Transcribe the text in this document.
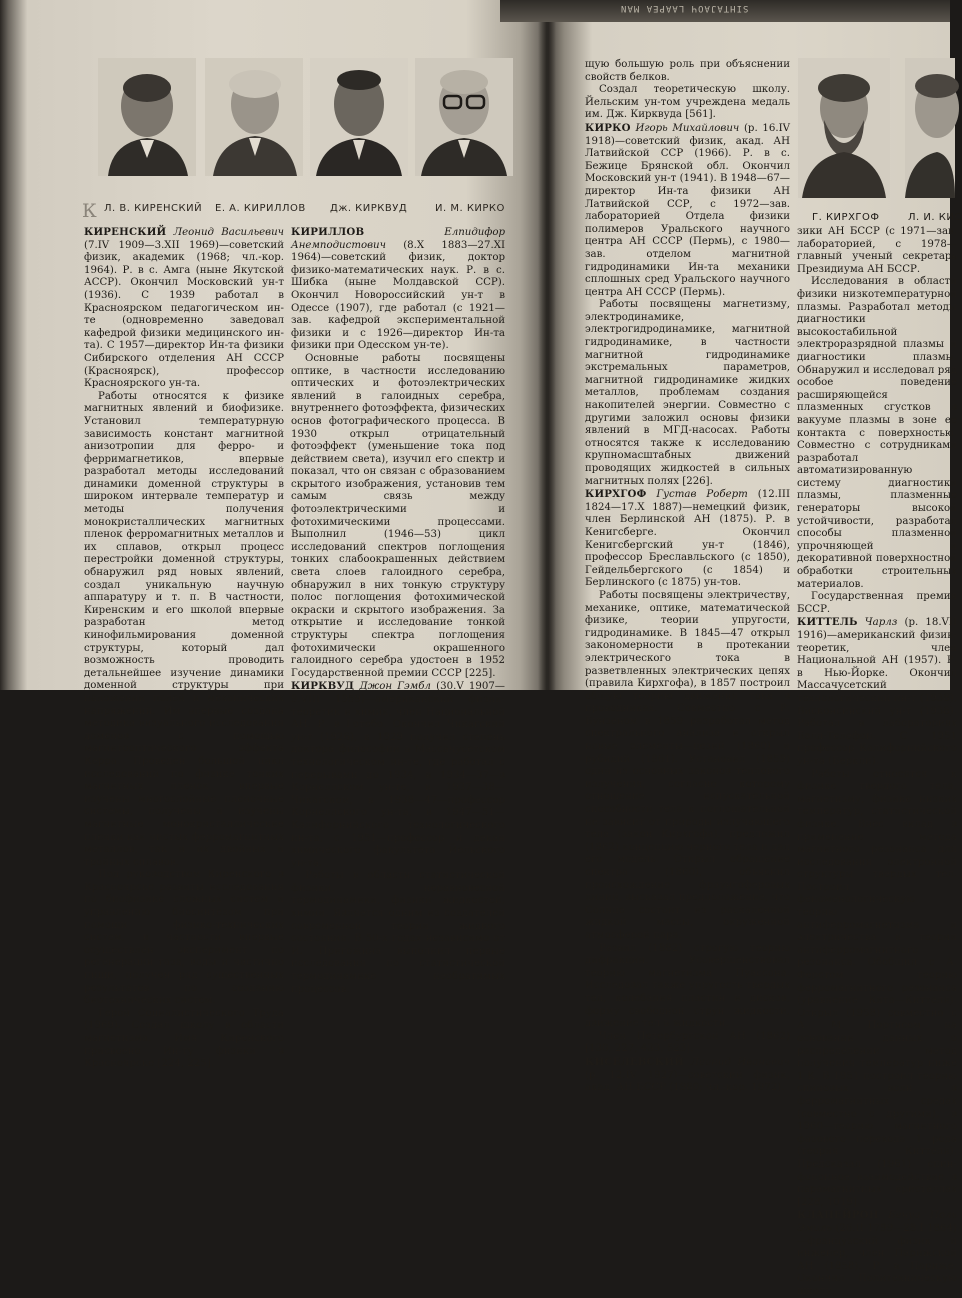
SIHTAJAOЧ LAAPEA MAN
Л. В. КИРЕНСКИЙ Е. А. КИРИЛЛОВ Дж. КИРКВУД	И. М. КИРКО
К

КИРЕНСКИЙ Леонид Васильевич (7.IV 1909—3.XII 1969)—советский физик, академик (1968; чл.-кор. 1964). Р. в с. Амга (ныне Якутской АССР). Окончил Московский ун-т (1936). С 1939 работал в Красноярском педагогическом ин-те (одновременно заведовал кафедрой физики медицинского ин-та). С 1957—директор Ин-та физики Сибирского отделения АН СССР (Красноярск), профессор Красноярского ун-та.

Работы относятся к физике магнитных явлений и биофизике. Установил температурную зависимость констант магнитной анизотропии для ферро- и ферримагнетиков, впервые разработал методы исследований динамики доменной структуры в широком интервале температур и методы получения монокристаллических магнитных пленок ферромагнитных металлов и их сплавов, открыл процесс перестройки доменной структуры, обнаружил ряд новых явлений, создал уникальную научную аппаратуру и т. п. В частности, Киренским и его школой впервые разработан метод кинофильмирования доменной структуры, который дал возможность проводить детальнейшее изучение динамики доменной структуры при наложении полей и механических напряжений. Им впервые создана методика визуального исследования доменов с помощью магнитооптического эффекта Керра. Проведен большой цикл исследований по физике тонких магнитных пленок, впервые изучены многослойные пленочные системы, получены и изучены магнитные монокристаллические пленки как чистых ферромагнитных металлов, так и их двойных и тройных сплавов.

Под руководством Киренского в Красноярске развиты исследования по биофизике сложных систем и управлению биосинтезом при помощи физико-технических систем, в частности впервые осуществлен эксперимент по регенерации газа, воды и частично пищи, получен ряд существенных результатов по созданию биотехнических систем.

Герой Социалистического Труда (1969). Создал школу в области магнетизма. Имя Киренского присвоено Ин-ту физики в Красноярске [224, 225].

КИРИЛЛОВ	Елпидифор Анемподистович (8.Х 1883—27.XI 1964)—советский физик, доктор физико-математических наук. Р. в с. Шибка (ныне Молдавской ССР). Окончил Новороссийский ун-т в Одессе (1907), где работал (с 1921—зав. кафедрой экспериментальной физики и с 1926—директор Ин-та физики при Одесском ун-те).

Основные работы посвящены оптике, в частности исследованию оптических и фотоэлектрических явлений в галоидных серебра, внутреннего фотоэффекта, физических основ фотографического процесса. В 1930 открыл отрицательный фотоэффект (уменьшение тока под действием света), изучил его спектр и показал, что он связан с образованием скрытого изображения, установив тем самым связь между фотоэлектрическими и фотохимическими процессами. Выполнил (1946—53) цикл исследований спектров поглощения тонких слабоокрашенных действием света слоев галоидного серебра, обнаружил в них тонкую структуру полос поглощения фотохимической окраски и скрытого изображения. За открытие и исследование тонкой структуры спектра поглощения фотохимически окрашенного галоидного серебра удостоен в 1952 Государственной премии СССР [225].

КИРКВУД Джон Гэмбл (30.V 1907—9.VIII 1959)—американский физик-теоретик и химик, член Национальной АН. Р. в Готебо. Окончил Чикагский ун-т (1926), в 1929 получил степень доктора философии в Массачусетском технологическом ин-те, где работал с перерывами до 1934, в 1934—37—в Корнеллском ун-те, в 1937—38—Чикагском, в 1938—47—профессор Корнеллского ун-та, в 1947—51—Калифорнийского технологического ин-та, с 1951—профессор и декан химического факультета Йельского ун-та.

Работы в области статистической физики, неравновесной термодинамики, физики жидкостей, химии. Является одним из создателей современной теории жидкого состояния. В 50-х годах независимо от И. Пригожина выполнил первые исследования по статистической термодинамике необратимых процессов.

Г. КИРХГОФ	Л. И. КИС

щую большую роль при объяснении свойств белков.

Создал теоретическую школу. Йельским ун-том учреждена медаль им. Дж. Кирквуда [561].

КИРКО Игорь Михайлович (р. 16.IV 1918)—советский физик, акад. АН Латвийской ССР (1966). Р. в с. Бежице Брянской обл. Окончил Московский ун-т (1941). В 1948—67—директор Ин-та физики АН Латвийской ССР, с 1972—зав. лабораторией Отдела физики полимеров Уральского научного центра АН СССР (Пермь), с 1980—зав. отделом магнитной гидродинамики Ин-та механики сплошных сред Уральского научного центра АН СССР (Пермь).

Работы посвящены магнетизму, электродинамике, электрогидродинамике, магнитной гидродинамике, в частности магнитной гидродинамике экстремальных параметров, магнитной гидродинамике жидких металлов, проблемам создания накопителей энергии. Совместно с другими заложил основы физики явлений в МГД-насосах. Работы относятся также к исследованию крупномасштабных движений проводящих жидкостей в сильных магнитных полях [226].

КИРХГОФ Густав Роберт (12.III 1824—17.X 1887)—немецкий физик, член Берлинской АН (1875). Р. в Кенигсберге. Окончил Кенигсбергский ун-т (1846), профессор Бреславльского (с 1850), Гейдельбергского (с 1854) и Берлинского (с 1875) ун-тов.

Работы посвящены электричеству, механике, оптике, математической физике, теории упругости, гидродинамике. В 1845—47 открыл закономерности в протекании электрического тока в разветвленных электрических цепях (правила Кирхгофа), в 1857 построил общую теорию движения тока в проводниках. Совместно с Р. Бунзеном в 1859 разработал метод спектрального анализа и открыл новые элементы—цезий (1860) и рубидий (1861). Установил (1859) один из основных законов теплового излучения, согласно которому отношение испускательной способности тела к поглощательной не зависит от природы излучающего тела (закон Кирхгофа), предложил (1862) концепцию черного тела и дал его модель. Открыл обращение спектра (1860), объяснил происхождение фраунгоферовых линий, высказал предположение, что Солнце состоит из раскаленной жидкой массы, окруженной атмосферой пара.

Развил (1882) строгую теорию дифракции. Усовершенствовал теорию магнетизма Пуассона. Исследовал также упругость твердых тел, колебания пластин и дисков, форму свободной струи жидкости, движение тел в жидкости.

Член Петербургской АН (1862) [130, 227, 433, 523].

КИСЕЛЕВСКИЙ Леонид Иванович (р. 12.IV 1927)—советский физик, акад. АН БССР (1980; чл.-кор. 1972).

зики АН БССР (с 1971—зав. лабораторией, с 1978—главный ученый секретарь Президиума АН БССР.

Исследования в области физики низкотемпературной плазмы. Разработал методы диагностики высокостабильной электроразрядной плазмы и диагностики плазмы. Обнаружил и исследовал ряд особое поведение расширяющейся плазменных сгустков в вакууме плазмы в зоне ее контакта с поверхностью. Совместно с сотрудниками разработал автоматизированную систему диагностики плазмы, плазменные генераторы высокой устойчивости, разработал способы плазменной упрочняющей и декоративной поверхностной обработки строительных материалов.

Государственная премия БССР.

КИТТЕЛЬ Чарлз (р. 18.VII 1916)—американский физик-теоретик, член Национальной АН (1957). Р. в Нью-Йорке. Окончил Массачусетский технологический ин-т (1938), Висконсинский ун-т (1938). Работал в лабораториях Бэлл-Телефон. С 1951 профессор Калифорнийского ун-та (Беркли).

Работы относятся к физике твердого тела, магнетизму, физике низких температур, статистической физике. Внес вклад в применение метода магнитного резонанса для исследования электронной структуры твердых тел. Построил феноменологическую теорию антиферромагнетизма и электричества в теории антиферромагнитного резонанса. Обобщил с А. Ферстом теорию ферромагнитного резонанса (уравнение Кита—Киттеля). Открыл (1958) совместно с А. М. Портисом на основании данных о распределении метод получения температур ниже 1 К. В 1951 построил теорию спиновых волн в ферромагнитных средах (совместно с другими), в 1960—теорию магнитного фазового перехода 1 рода (теория Киттеля). Предсказал (1961) спин-фононное взаимодействие в парамагнитных кристаллах [228, 1019].

КЛАПЕЙРОН Бенуа Поль Эмиль (26.II 1799—28.I 1864)—французский физик и инженер, член Парижской АН (1858). Р. в Париже. Окончил Политехническую школу.
